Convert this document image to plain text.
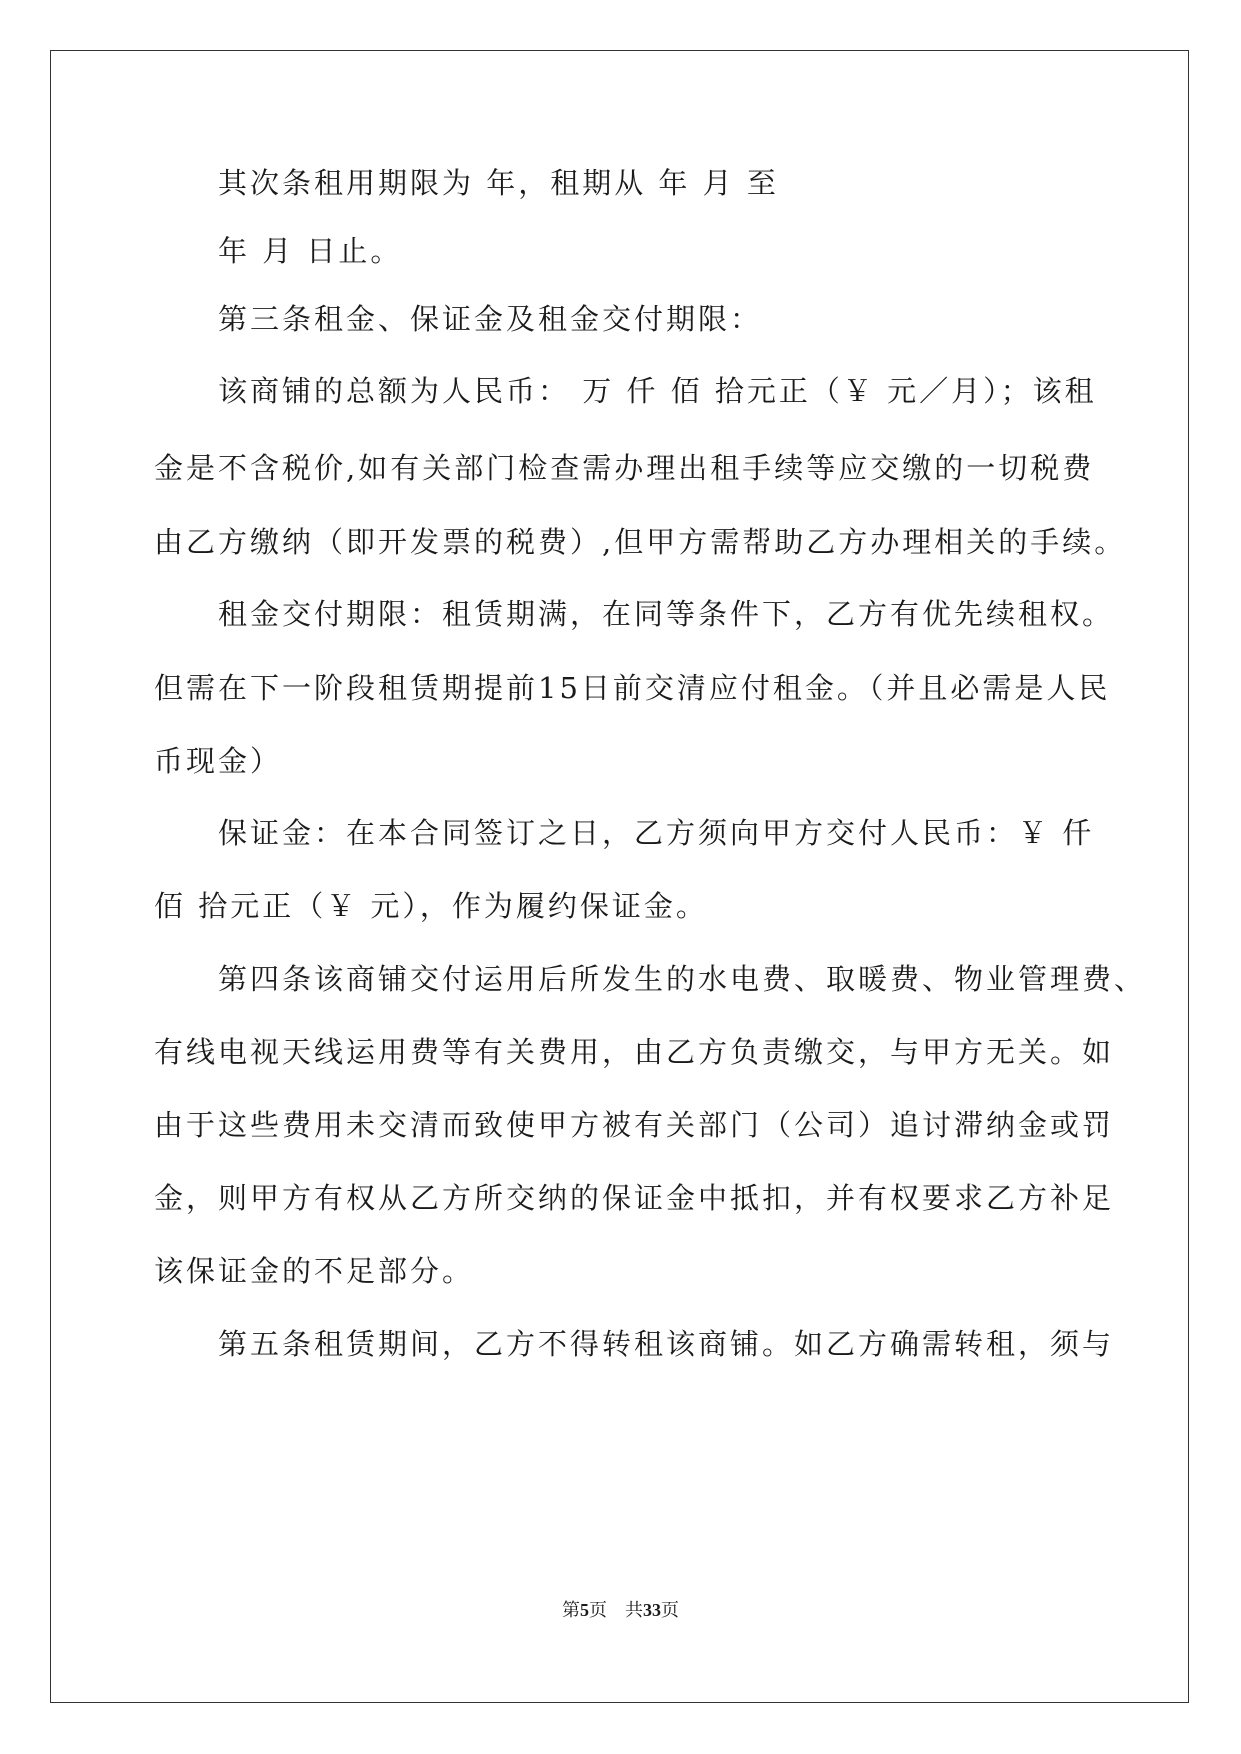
其次条租用期限为 年，租期从 年 月 至
年 月 日止。
第三条租金、保证金及租金交付期限：
该商铺的总额为人民币： 万 仟 佰 拾元正（￥ 元／月）；该租
金是不含税价,如有关部门检查需办理出租手续等应交缴的一切税费
由乙方缴纳（即开发票的税费）,但甲方需帮助乙方办理相关的手续。
租金交付期限：租赁期满，在同等条件下，乙方有优先续租权。
但需在下一阶段租赁期提前15日前交清应付租金。（并且必需是人民
币现金）
保证金：在本合同签订之日，乙方须向甲方交付人民币：￥ 仟
佰 拾元正（￥ 元），作为履约保证金。
第四条该商铺交付运用后所发生的水电费、取暖费、物业管理费、
有线电视天线运用费等有关费用，由乙方负责缴交，与甲方无关。如
由于这些费用未交清而致使甲方被有关部门（公司）追讨滞纳金或罚
金，则甲方有权从乙方所交纳的保证金中抵扣，并有权要求乙方补足
该保证金的不足部分。
第五条租赁期间，乙方不得转租该商铺。如乙方确需转租，须与
第5页　共33页
